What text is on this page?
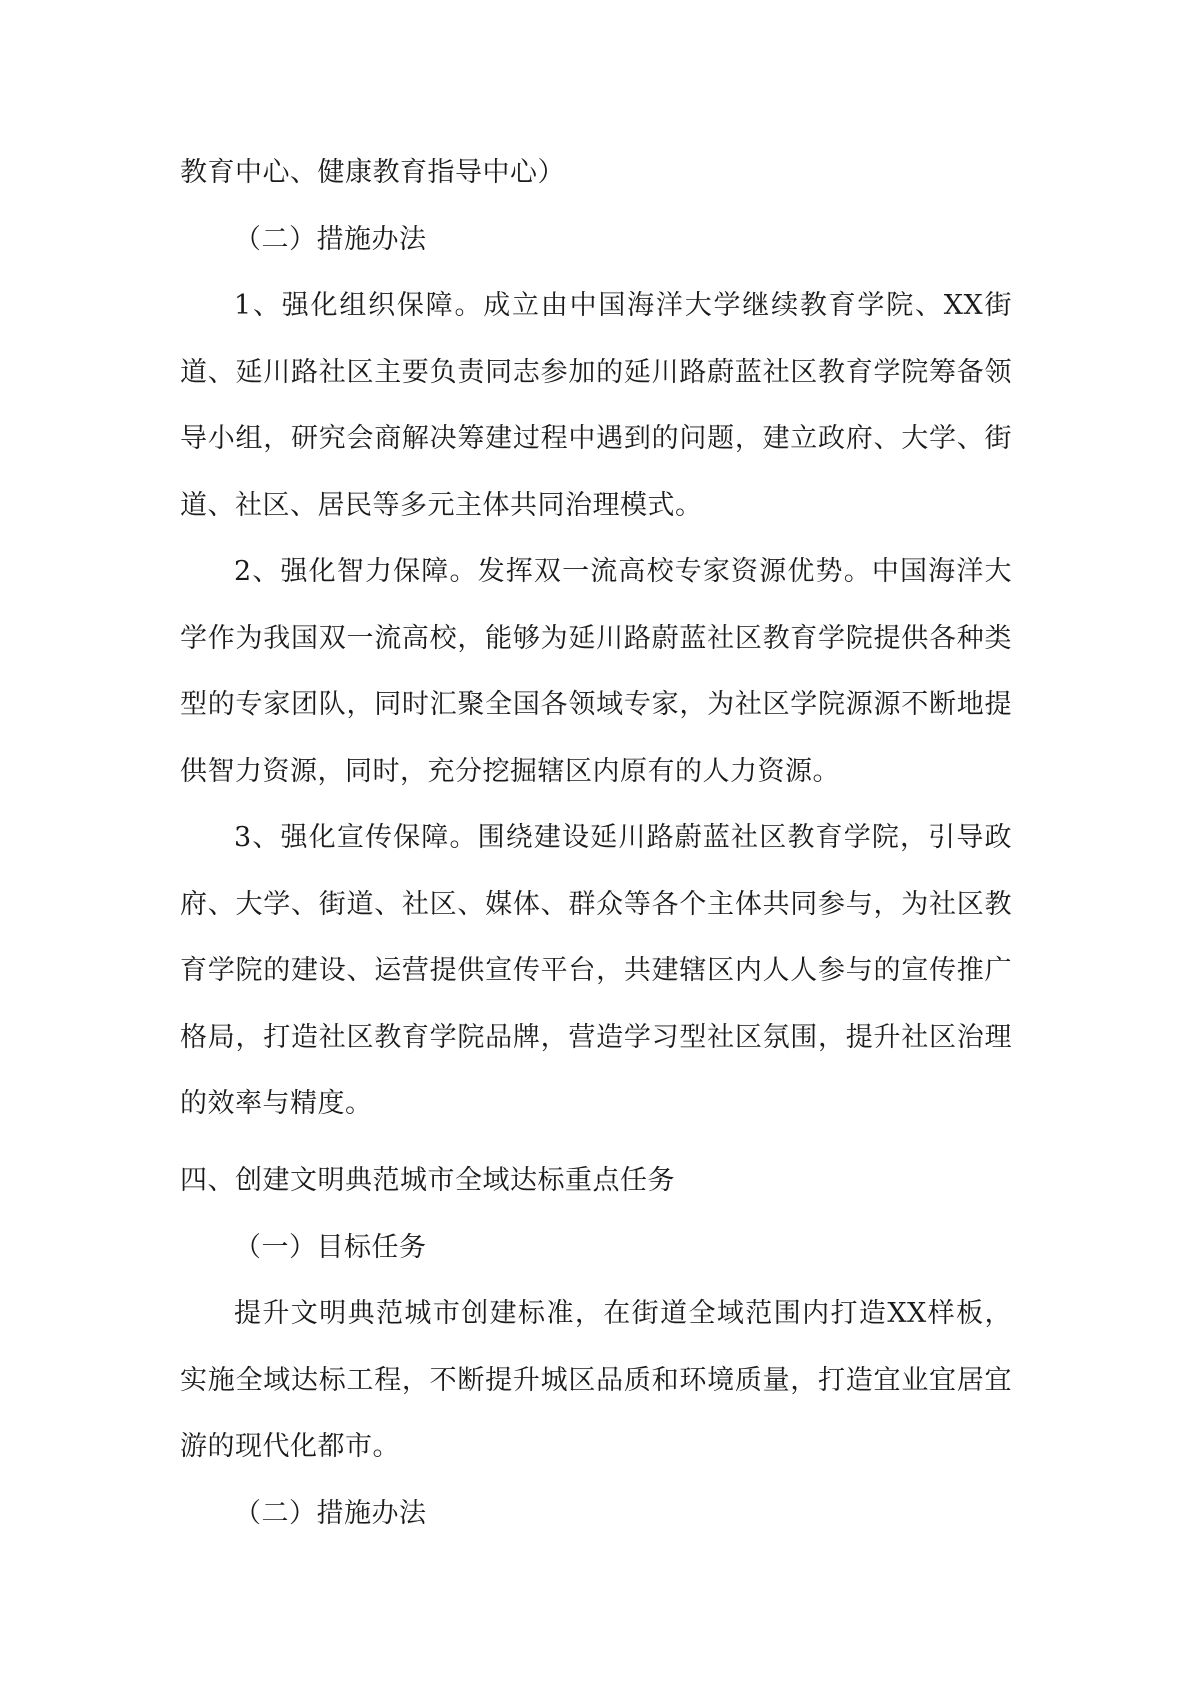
教育中心、健康教育指导中心）

（二）措施办法

1、强化组织保障。成立由中国海洋大学继续教育学院、XX街道、延川路社区主要负责同志参加的延川路蔚蓝社区教育学院筹备领导小组，研究会商解决筹建过程中遇到的问题，建立政府、大学、街道、社区、居民等多元主体共同治理模式。

2、强化智力保障。发挥双一流高校专家资源优势。中国海洋大学作为我国双一流高校，能够为延川路蔚蓝社区教育学院提供各种类型的专家团队，同时汇聚全国各领域专家，为社区学院源源不断地提供智力资源，同时，充分挖掘辖区内原有的人力资源。

3、强化宣传保障。围绕建设延川路蔚蓝社区教育学院，引导政府、大学、街道、社区、媒体、群众等各个主体共同参与，为社区教育学院的建设、运营提供宣传平台，共建辖区内人人参与的宣传推广格局，打造社区教育学院品牌，营造学习型社区氛围，提升社区治理的效率与精度。

四、创建文明典范城市全域达标重点任务

（一）目标任务

提升文明典范城市创建标准，在街道全域范围内打造XX样板，实施全域达标工程，不断提升城区品质和环境质量，打造宜业宜居宜游的现代化都市。

（二）措施办法
